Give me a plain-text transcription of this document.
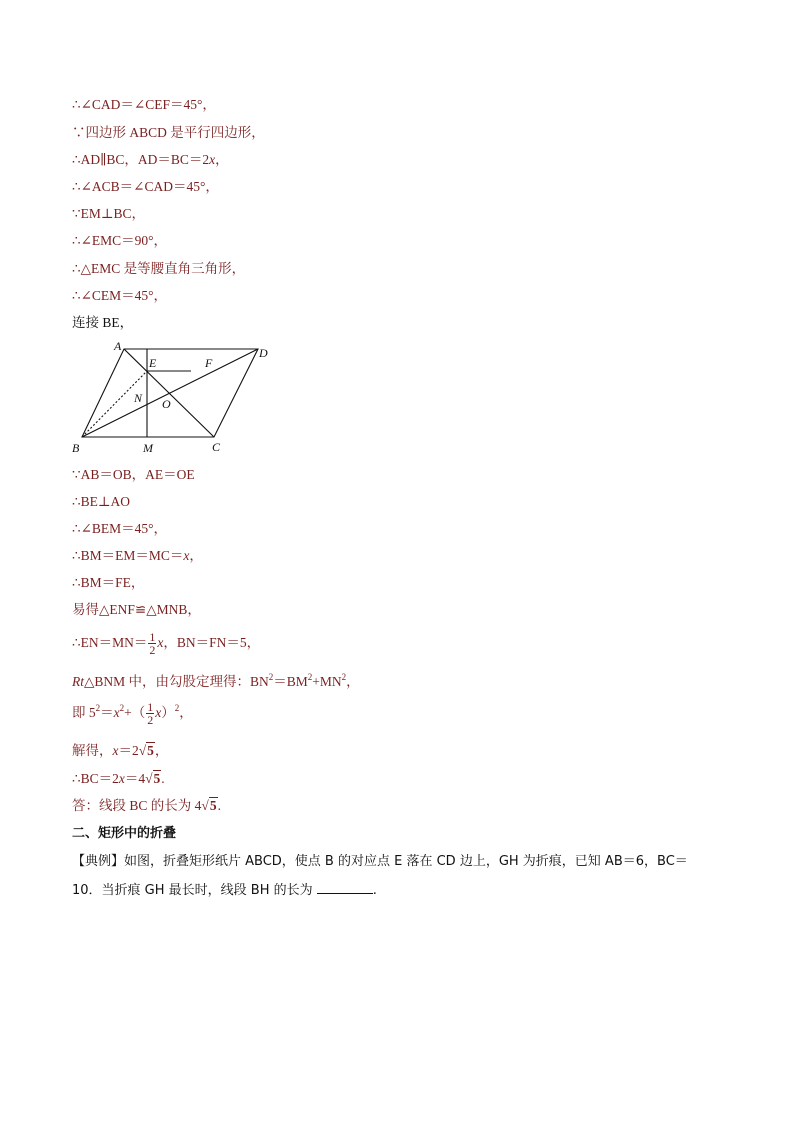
∴∠CAD＝∠CEF＝45°，
∵四边形 ABCD 是平行四边形，
∴AD∥BC，AD＝BC＝2x，
∴∠ACB＝∠CAD＝45°，
∵EM⊥BC，
∴∠EMC＝90°，
∴△EMC 是等腰直角三角形，
∴∠CEM＝45°，
连接 BE，
A
B	C
D
E	F
N O
M
∵AB＝OB，AE＝OE
∴BE⊥AO
∴∠BEM＝45°，
∴BM＝EM＝MC＝x，
∴BM＝FE，
易得△ENF≌△MNB，
∴EN＝MN＝ $\frac{1}{2}$ x，BN＝FN＝5，
Rt△BNM 中，由勾股定理得：$BN^2=BM^2+MN^2$，
即 $5^2=x^2+( \frac{1}{2} x)^2$，
解得，x＝2√5，
∴BC＝2x＝4√5.
答：线段 BC 的长为 4√5.
二、矩形中的折叠
【典例】如图，折叠矩形纸片 ABCD，使点 B 的对应点 E 落在 CD 边上，GH 为折痕，已知 AB＝6，BC＝
10．当折痕 GH 最长时，线段 BH 的长为	.
